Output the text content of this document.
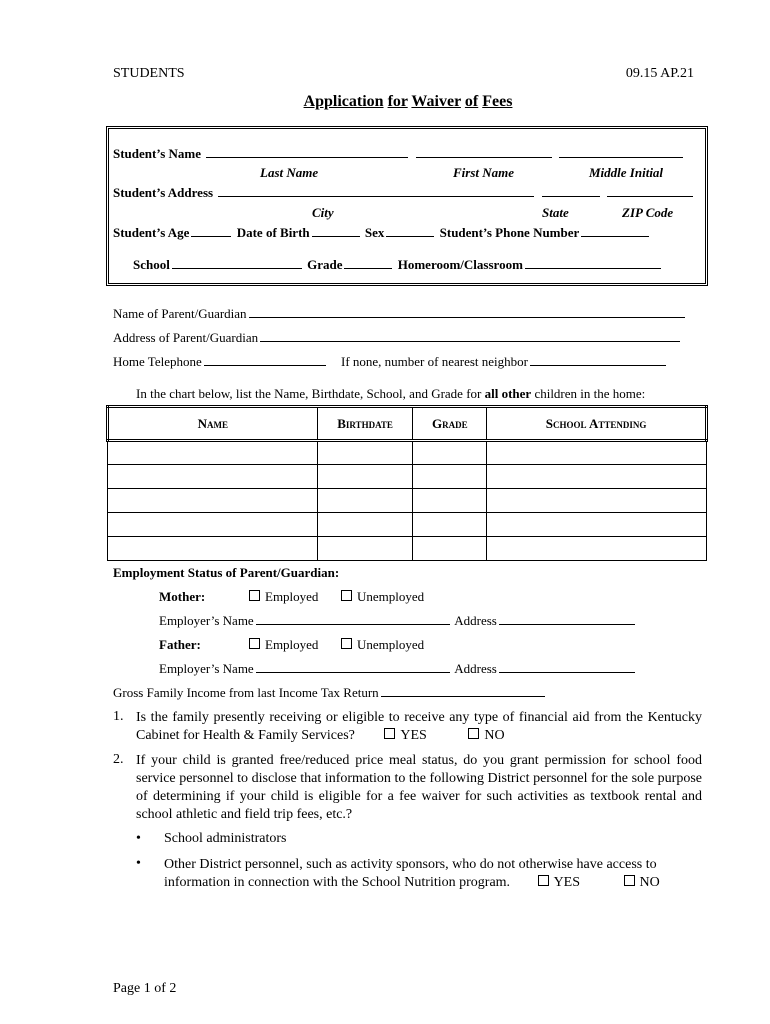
STUDENTS	09.15 AP.21
Application for Waiver of Fees
Student’s Name
Last Name	First Name	Middle Initial
Student’s Address
City	State	ZIP Code
Student’s Age	Date of Birth	Sex	Student’s Phone Number
School	Grade	Homeroom/Classroom
Name of Parent/Guardian
Address of Parent/Guardian
Home Telephone	If none, number of nearest neighbor
In the chart below, list the Name, Birthdate, School, and Grade for all other children in the home:
Name	Birthdate	Grade	School Attending

Employment Status of Parent/Guardian:
Mother:	Employed	Unemployed
Employer’s Name	Address
Father:	Employed	Unemployed
Employer’s Name	Address
Gross Family Income from last Income Tax Return
1. Is the family presently receiving or eligible to receive any type of financial aid from the Kentucky Cabinet for Health & Family Services?	YES	NO

2. If your child is granted free/reduced price meal status, do you grant permission for school food service personnel to disclose that information to the following District personnel for the sole purpose of determining if your child is eligible for a fee waiver for such activities as textbook rental and school athletic and field trip fees, etc.?

• School administrators
• Other District personnel, such as activity sponsors, who do not otherwise have access to information in connection with the School Nutrition program.	YES	NO

Page 1 of 2
